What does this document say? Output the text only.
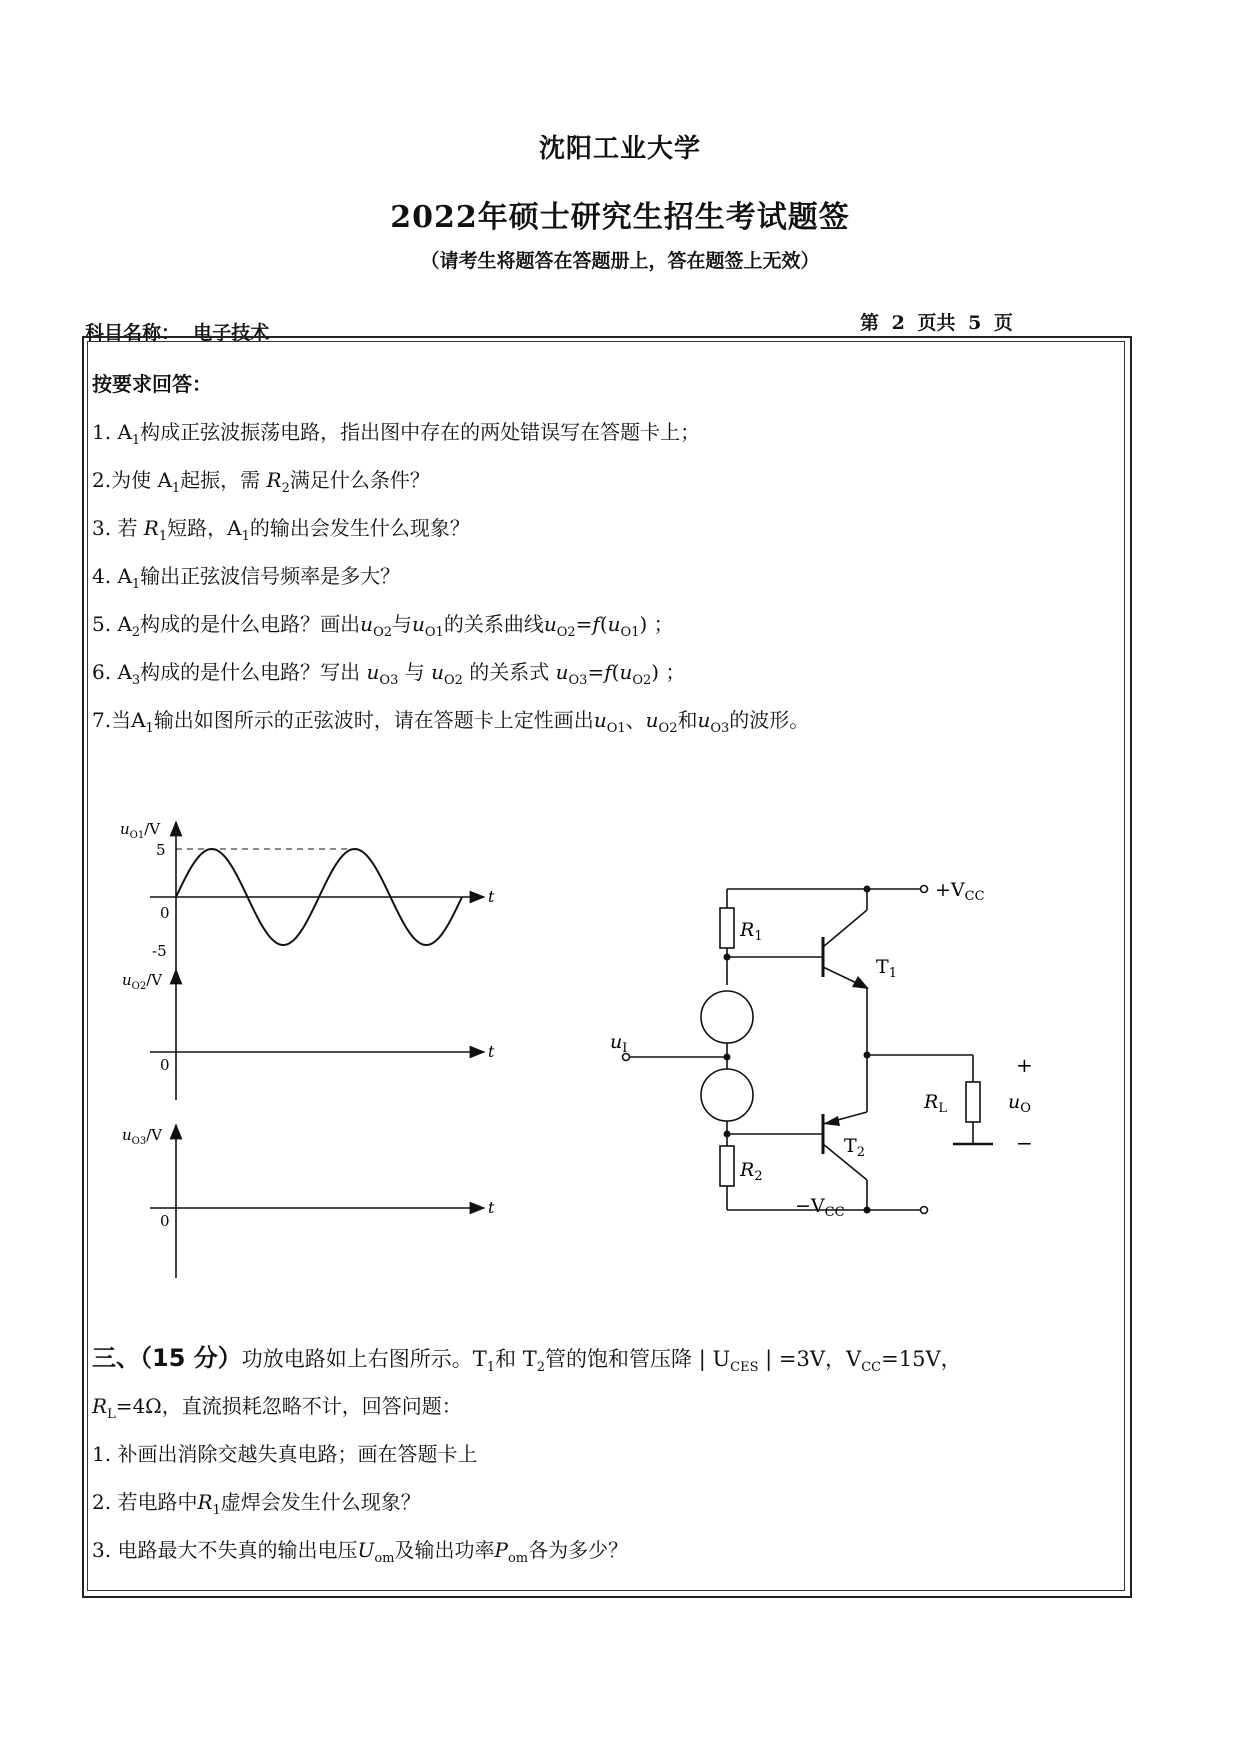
沈阳工业大学
2022年硕士研究生招生考试题签
（请考生将题答在答题册上，答在题签上无效）
科目名称： 电子技术	第 2 页共 5 页
按要求回答：
1. $A_1$构成正弦波振荡电路，指出图中存在的两处错误写在答题卡上；
2.为使 $A_1$起振，需 $R_2$满足什么条件？
3. 若 $R_1$短路，$A_1$的输出会发生什么现象？
4. $A_1$输出正弦波信号频率是多大？
5. $A_2$构成的是什么电路？画出$u_{O2}$与$u_{O1}$的关系曲线$u_{O2}=f(u_{O1})$ ；
6. $A_3$构成的是什么电路？写出 $u_{O3}$ 与 $u_{O2}$ 的关系式 $u_{O3}=f(u_{O2})$ ；
7.当$A_1$输出如图所示的正弦波时，请在答题卡上定性画出$u_{O1}$、$u_{O2}$和$u_{O3}$的波形。
$u_{O1}/V$
5
0
-5
t
$u_{O2}/V$
0
t
$u_{O3}/V$
0
t
$+V_{CC}$
$-V_{CC}$
$R_1$
$R_2$
$T_1$
$T_2$
$R_L$
$u_I$
$u_O$
+
−
三、（15 分）功放电路如上右图所示。$T_1$和 $T_2$管的饱和管压降 | $U_{CES}$ | =3V，$V_{CC}=15V$，
$R_L=4\Omega$，直流损耗忽略不计，回答问题：
1. 补画出消除交越失真电路；画在答题卡上
2. 若电路中$R_1$虚焊会发生什么现象？
3. 电路最大不失真的输出电压$U_{om}$及输出功率$P_{om}$各为多少？
